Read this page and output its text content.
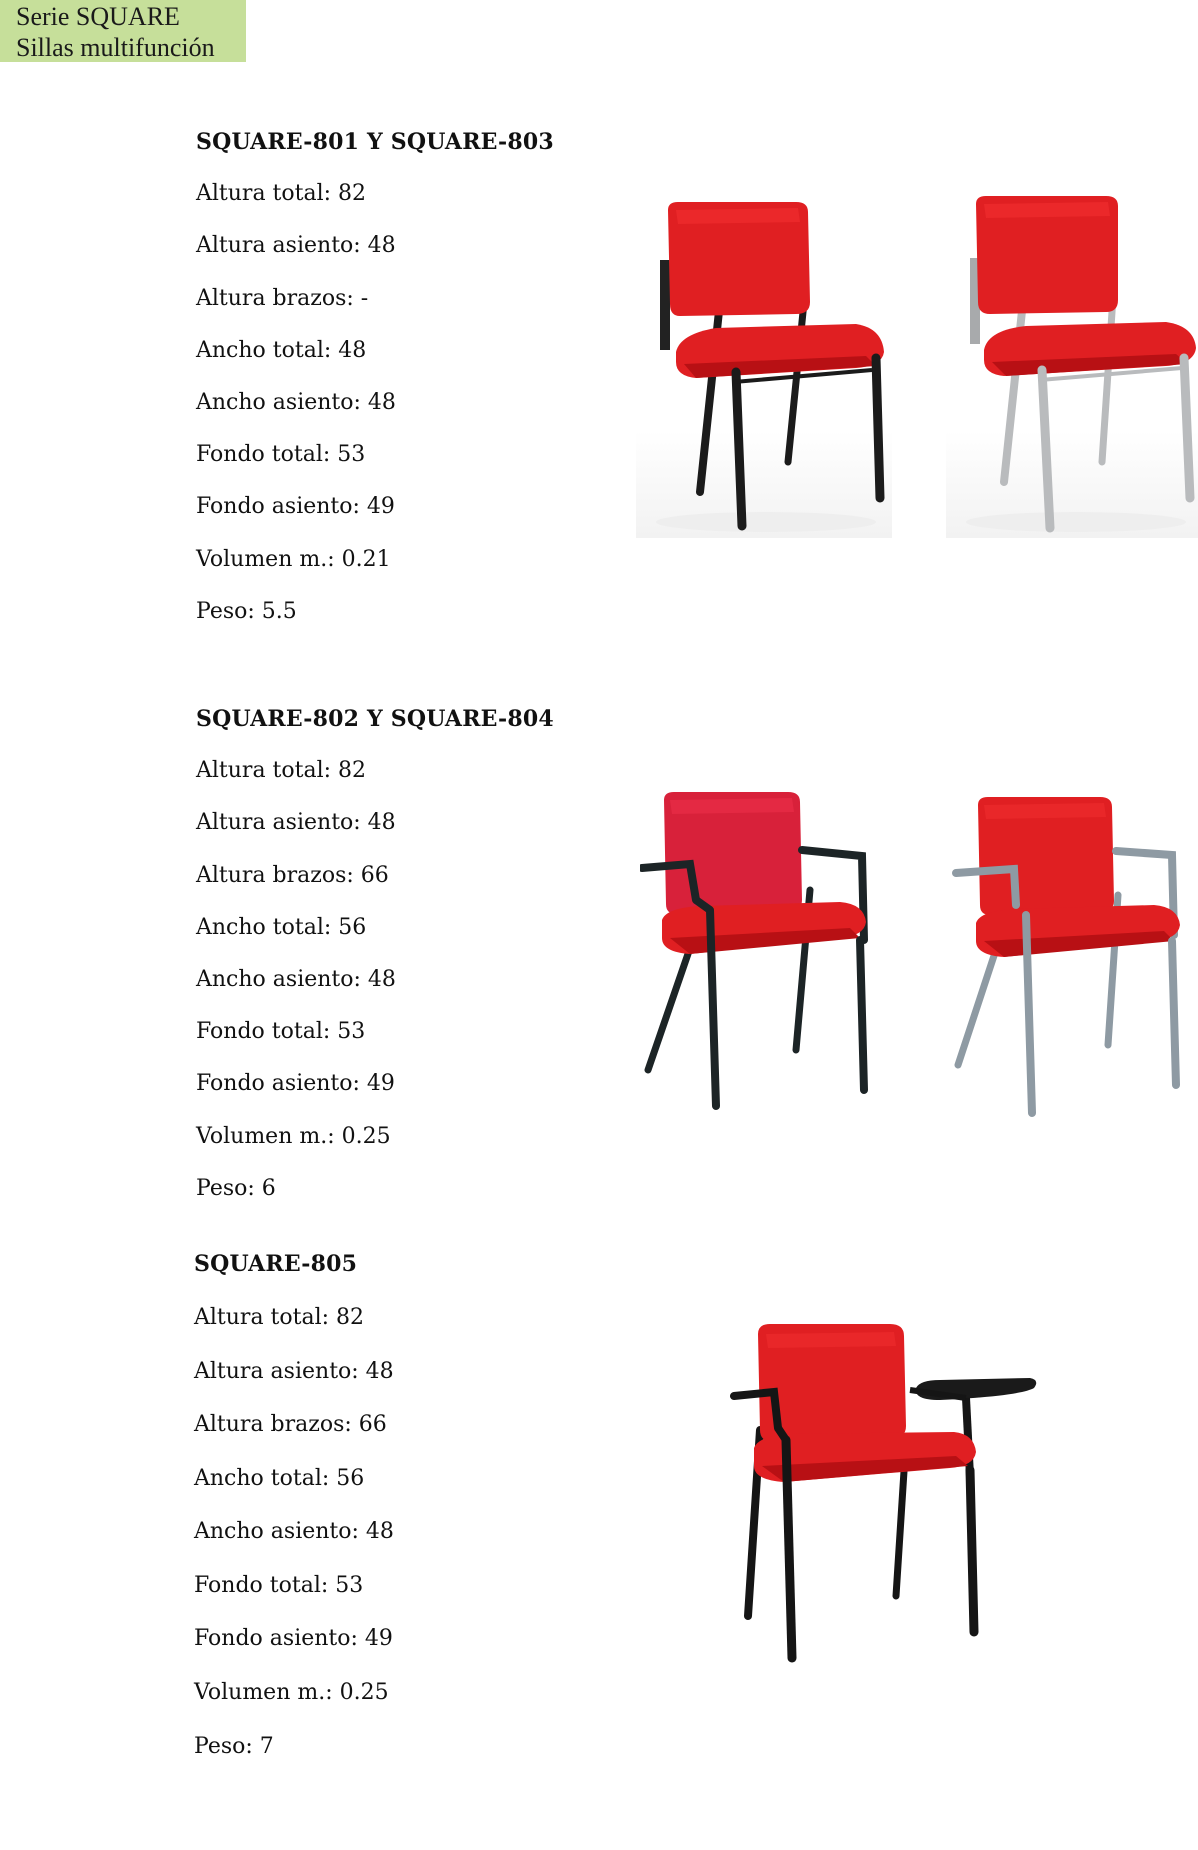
Serie SQUARE
Sillas multifunción
SQUARE-801 Y SQUARE-803
Altura total: 82
Altura asiento: 48
Altura brazos: -
Ancho total: 48
Ancho asiento: 48
Fondo total: 53
Fondo asiento: 49
Volumen m.: 0.21
Peso: 5.5
SQUARE-802 Y SQUARE-804
Altura total: 82
Altura asiento: 48
Altura brazos: 66
Ancho total: 56
Ancho asiento: 48
Fondo total: 53
Fondo asiento: 49
Volumen m.: 0.25
Peso: 6
SQUARE-805
Altura total: 82
Altura asiento: 48
Altura brazos: 66
Ancho total: 56
Ancho asiento: 48
Fondo total: 53
Fondo asiento: 49
Volumen m.: 0.25
Peso: 7
